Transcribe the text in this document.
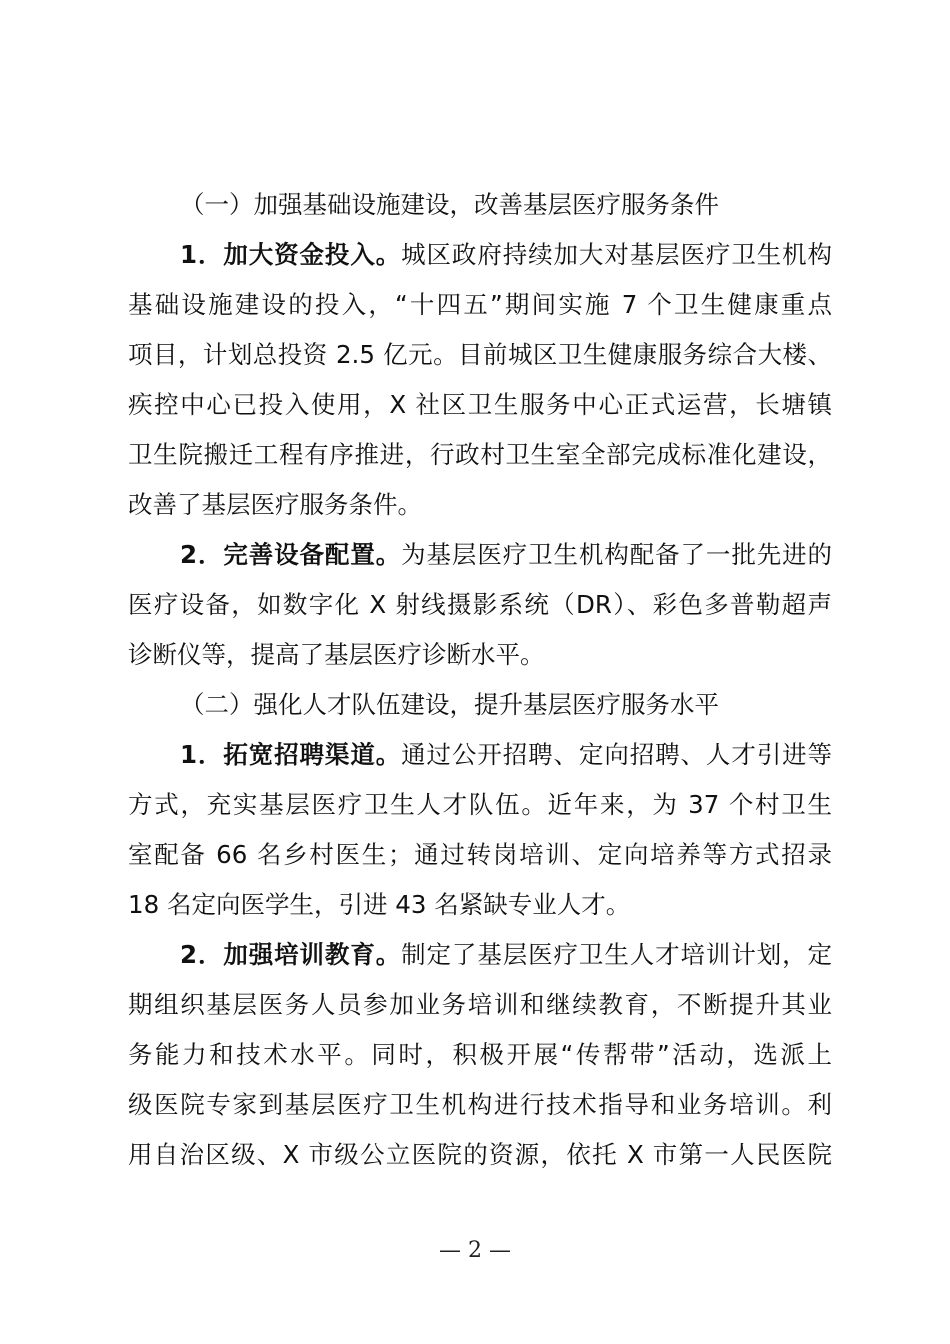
（一）加强基础设施建设，改善基层医疗服务条件
1．加大资金投入。城区政府持续加大对基层医疗卫生机构
基础设施建设的投入，“十四五”期间实施 7 个卫生健康重点
项目，计划总投资 2.5 亿元。目前城区卫生健康服务综合大楼、
疾控中心已投入使用，X 社区卫生服务中心正式运营，长塘镇
卫生院搬迁工程有序推进，行政村卫生室全部完成标准化建设，
改善了基层医疗服务条件。
2．完善设备配置。为基层医疗卫生机构配备了一批先进的
医疗设备，如数字化 X 射线摄影系统（DR）、彩色多普勒超声
诊断仪等，提高了基层医疗诊断水平。
（二）强化人才队伍建设，提升基层医疗服务水平
1．拓宽招聘渠道。通过公开招聘、定向招聘、人才引进等
方式，充实基层医疗卫生人才队伍。近年来，为 37 个村卫生
室配备 66 名乡村医生；通过转岗培训、定向培养等方式招录
18 名定向医学生，引进 43 名紧缺专业人才。
2．加强培训教育。制定了基层医疗卫生人才培训计划，定
期组织基层医务人员参加业务培训和继续教育，不断提升其业
务能力和技术水平。同时，积极开展“传帮带”活动，选派上
级医院专家到基层医疗卫生机构进行技术指导和业务培训。利
用自治区级、X 市级公立医院的资源，依托 X 市第一人民医院
— 2 —
